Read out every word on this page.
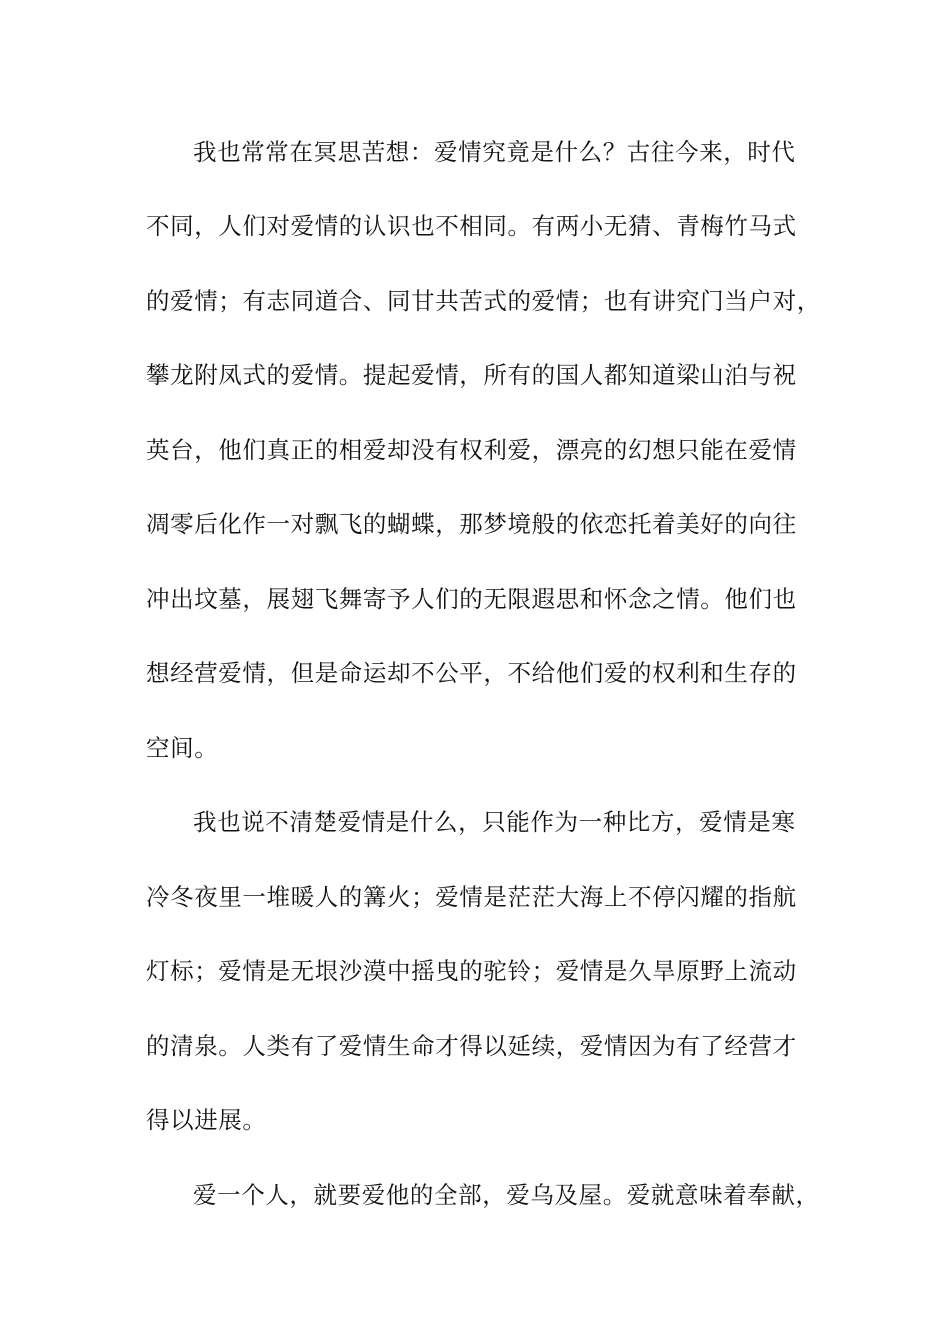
我也常常在冥思苦想：爱情究竟是什么？古往今来，时代
不同，人们对爱情的认识也不相同。有两小无猜、青梅竹马式
的爱情；有志同道合、同甘共苦式的爱情；也有讲究门当户对，
攀龙附凤式的爱情。提起爱情，所有的国人都知道梁山泊与祝
英台，他们真正的相爱却没有权利爱，漂亮的幻想只能在爱情
凋零后化作一对飘飞的蝴蝶，那梦境般的依恋托着美好的向往
冲出坟墓，展翅飞舞寄予人们的无限遐思和怀念之情。他们也
想经营爱情，但是命运却不公平，不给他们爱的权利和生存的
空间。
我也说不清楚爱情是什么，只能作为一种比方，爱情是寒
冷冬夜里一堆暖人的篝火；爱情是茫茫大海上不停闪耀的指航
灯标；爱情是无垠沙漠中摇曳的驼铃；爱情是久旱原野上流动
的清泉。人类有了爱情生命才得以延续，爱情因为有了经营才
得以进展。
爱一个人，就要爱他的全部，爱乌及屋。爱就意味着奉献，
